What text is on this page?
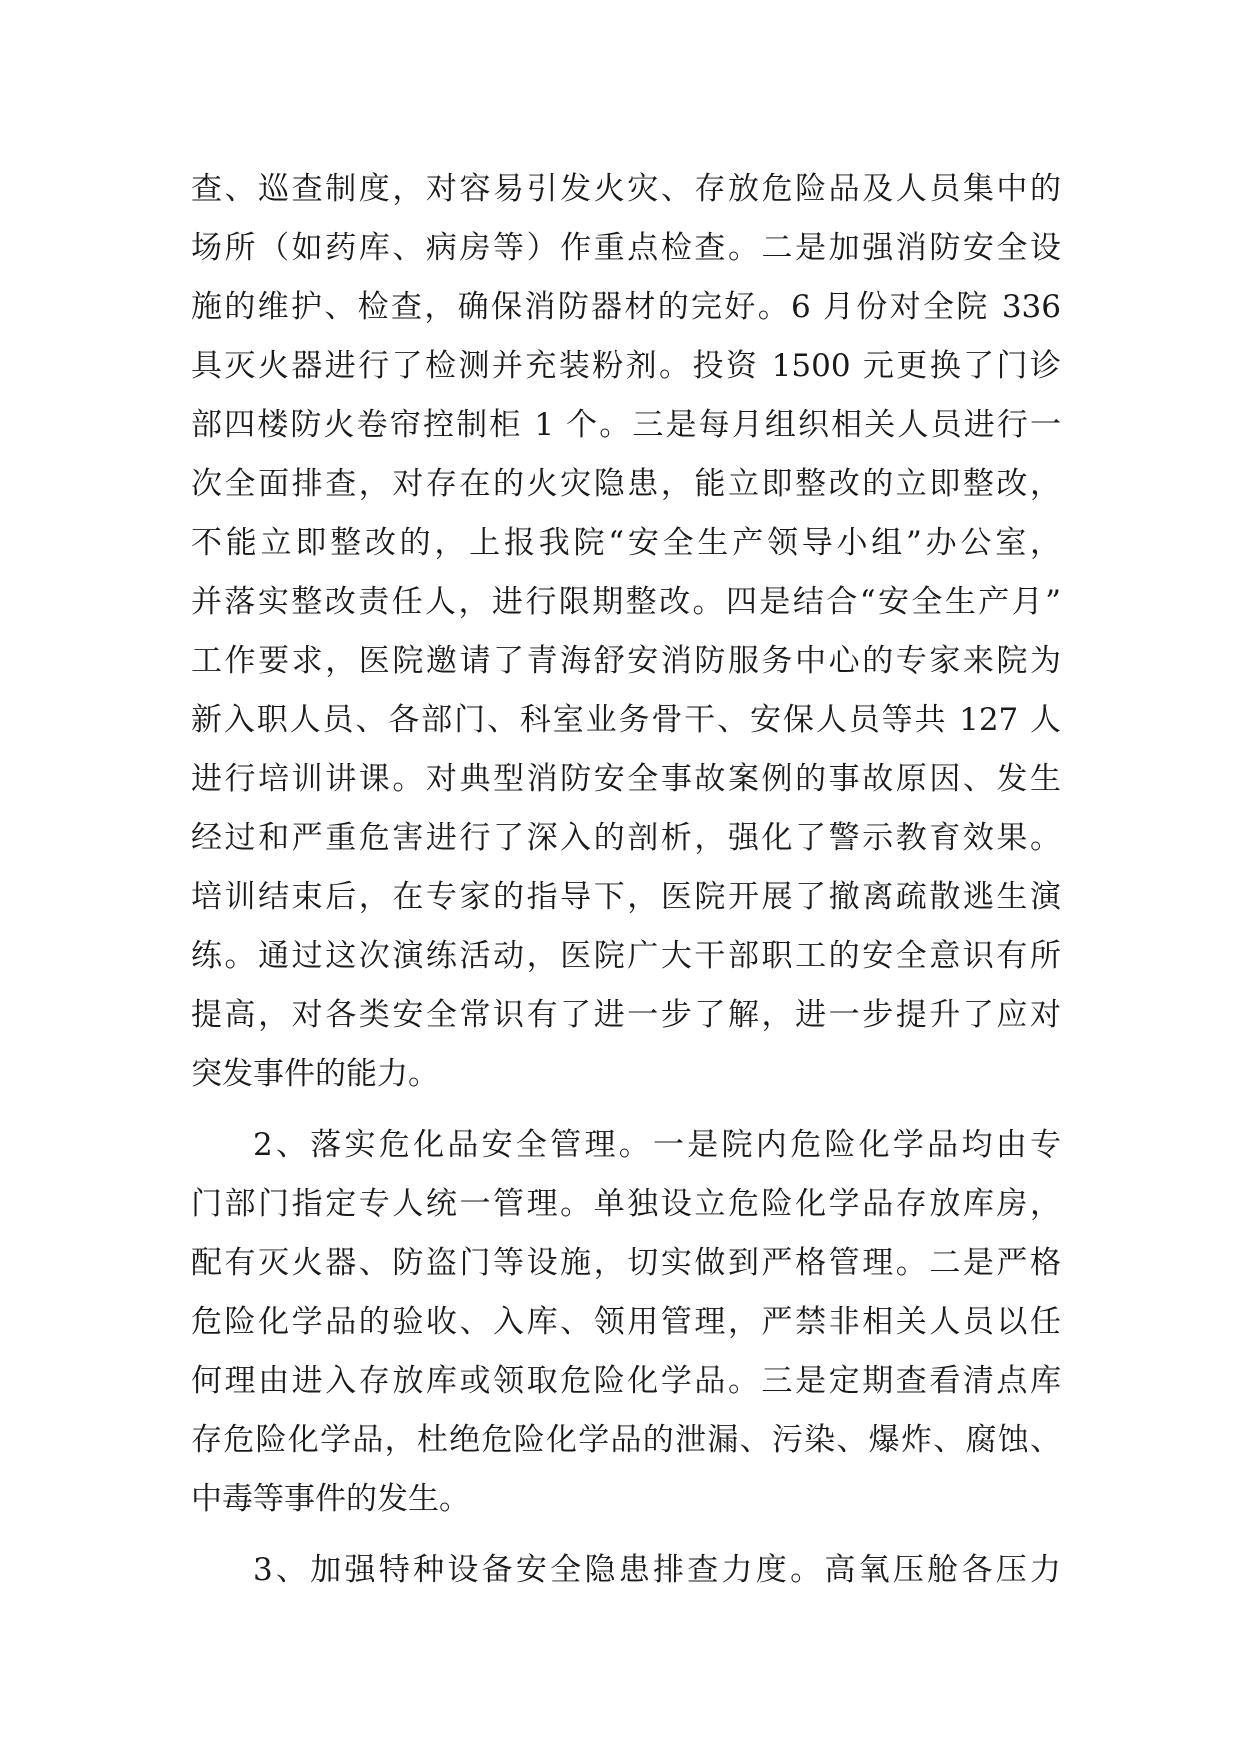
查、巡查制度，对容易引发火灾、存放危险品及人员集中的
场所（如药库、病房等）作重点检查。二是加强消防安全设
施的维护、检查，确保消防器材的完好。6 月份对全院 336
具灭火器进行了检测并充装粉剂。投资 1500 元更换了门诊
部四楼防火卷帘控制柜 1 个。三是每月组织相关人员进行一
次全面排查，对存在的火灾隐患，能立即整改的立即整改，
不能立即整改的，上报我院“安全生产领导小组”办公室，
并落实整改责任人，进行限期整改。四是结合“安全生产月”
工作要求，医院邀请了青海舒安消防服务中心的专家来院为
新入职人员、各部门、科室业务骨干、安保人员等共 127 人
进行培训讲课。对典型消防安全事故案例的事故原因、发生
经过和严重危害进行了深入的剖析，强化了警示教育效果。
培训结束后，在专家的指导下，医院开展了撤离疏散逃生演
练。通过这次演练活动，医院广大干部职工的安全意识有所
提高，对各类安全常识有了进一步了解，进一步提升了应对
突发事件的能力。
2、落实危化品安全管理。一是院内危险化学品均由专
门部门指定专人统一管理。单独设立危险化学品存放库房，
配有灭火器、防盗门等设施，切实做到严格管理。二是严格
危险化学品的验收、入库、领用管理，严禁非相关人员以任
何理由进入存放库或领取危险化学品。三是定期查看清点库
存危险化学品，杜绝危险化学品的泄漏、污染、爆炸、腐蚀、
中毒等事件的发生。
3、加强特种设备安全隐患排查力度。高氧压舱各压力
